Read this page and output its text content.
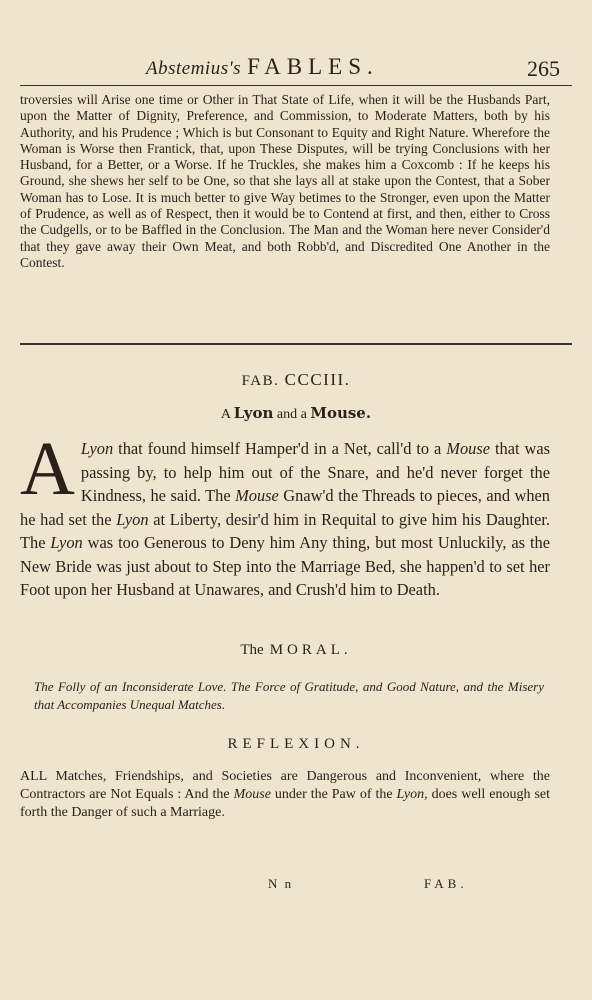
Abstemius's FABLES.	265
troversies will Arise one time or Other in That State of Life, when it will be the Husbands Part, upon the Matter of Dignity, Preference, and Commission, to Moderate Matters, both by his Authority, and his Prudence ; Which is but Consonant to Equity and Right Nature. Wherefore the Woman is Worse then Frantick, that, upon These Disputes, will be trying Conclusions with her Husband, for a Better, or a Worse. If he Truckles, she makes him a Coxcomb : If he keeps his Ground, she shews her self to be One, so that she lays all at stake upon the Contest, that a Sober Woman has to Lose. It is much better to give Way betimes to the Stronger, even upon the Matter of Prudence, as well as of Respect, then it would be to Contend at first, and then, either to Cross the Cudgells, or to be Baffled in the Conclusion. The Man and the Woman here never Consider'd that they gave away their Own Meat, and both Robb'd, and Discredited One Another in the Contest.
FAB. CCCIII.
A Lyon and a Mouse.
A Lyon that found himself Hamper'd in a Net, call'd to a Mouse that was passing by, to help him out of the Snare, and he'd never forget the Kindness, he said. The Mouse Gnaw'd the Threads to pieces, and when he had set the Lyon at Liberty, desir'd him in Requital to give him his Daughter. The Lyon was too Generous to Deny him Any thing, but most Unluckily, as the New Bride was just about to Step into the Marriage Bed, she happen'd to set her Foot upon her Husband at Unawares, and Crush'd him to Death.
The MORAL.
The Folly of an Inconsiderate Love. The Force of Gratitude, and Good Nature, and the Misery that Accompanies Unequal Matches.
REFLEXION.
ALL Matches, Friendships, and Societies are Dangerous and Inconvenient, where the Contractors are Not Equals : And the Mouse under the Paw of the Lyon, does well enough set forth the Danger of such a Marriage.
N n	FAB.
